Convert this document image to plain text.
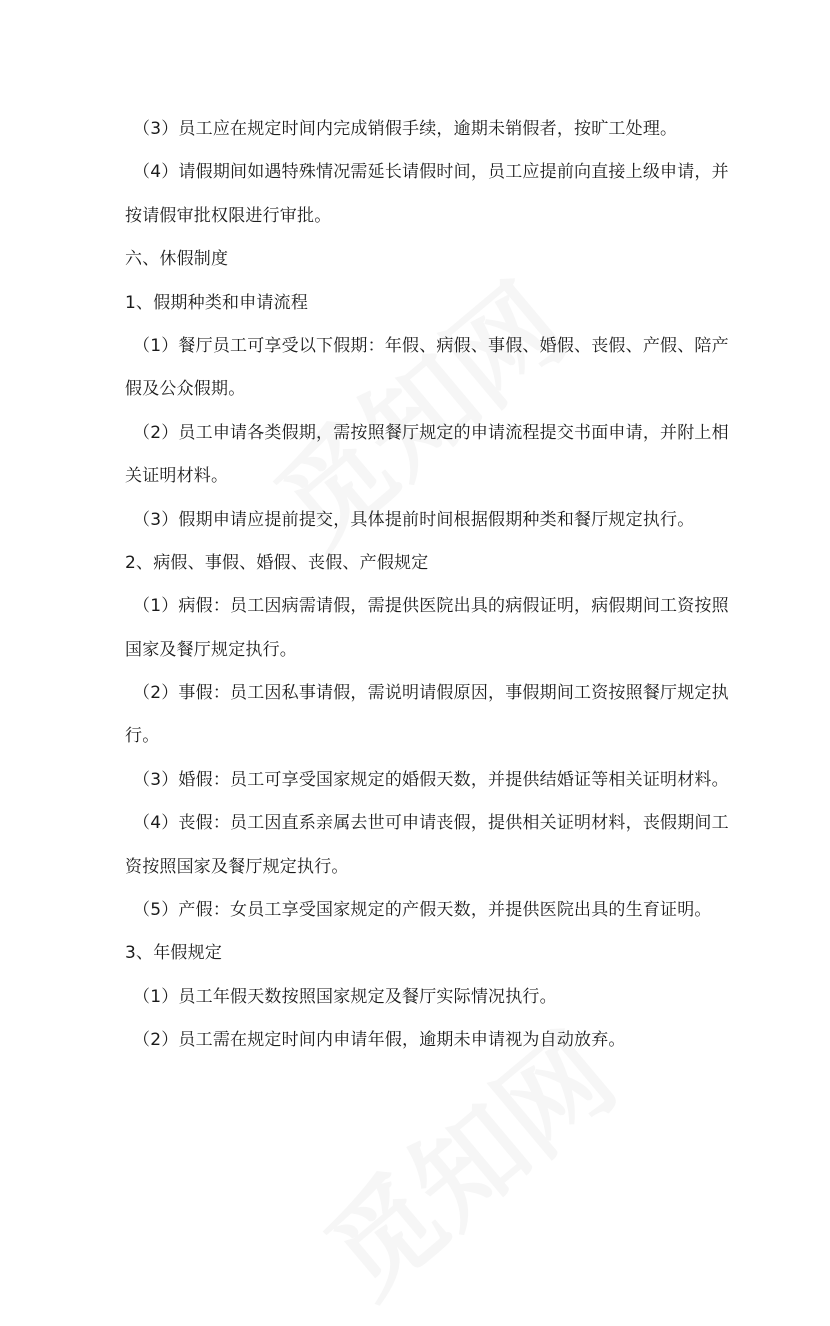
（3）员工应在规定时间内完成销假手续，逾期未销假者，按旷工处理。
（4）请假期间如遇特殊情况需延长请假时间，员工应提前向直接上级申请，并
按请假审批权限进行审批。
六、休假制度
1、假期种类和申请流程
（1）餐厅员工可享受以下假期：年假、病假、事假、婚假、丧假、产假、陪产
假及公众假期。
（2）员工申请各类假期，需按照餐厅规定的申请流程提交书面申请，并附上相
关证明材料。
（3）假期申请应提前提交，具体提前时间根据假期种类和餐厅规定执行。
2、病假、事假、婚假、丧假、产假规定
（1）病假：员工因病需请假，需提供医院出具的病假证明，病假期间工资按照
国家及餐厅规定执行。
（2）事假：员工因私事请假，需说明请假原因，事假期间工资按照餐厅规定执
行。
（3）婚假：员工可享受国家规定的婚假天数，并提供结婚证等相关证明材料。
（4）丧假：员工因直系亲属去世可申请丧假，提供相关证明材料，丧假期间工
资按照国家及餐厅规定执行。
（5）产假：女员工享受国家规定的产假天数，并提供医院出具的生育证明。
3、年假规定
（1）员工年假天数按照国家规定及餐厅实际情况执行。
（2）员工需在规定时间内申请年假，逾期未申请视为自动放弃。
